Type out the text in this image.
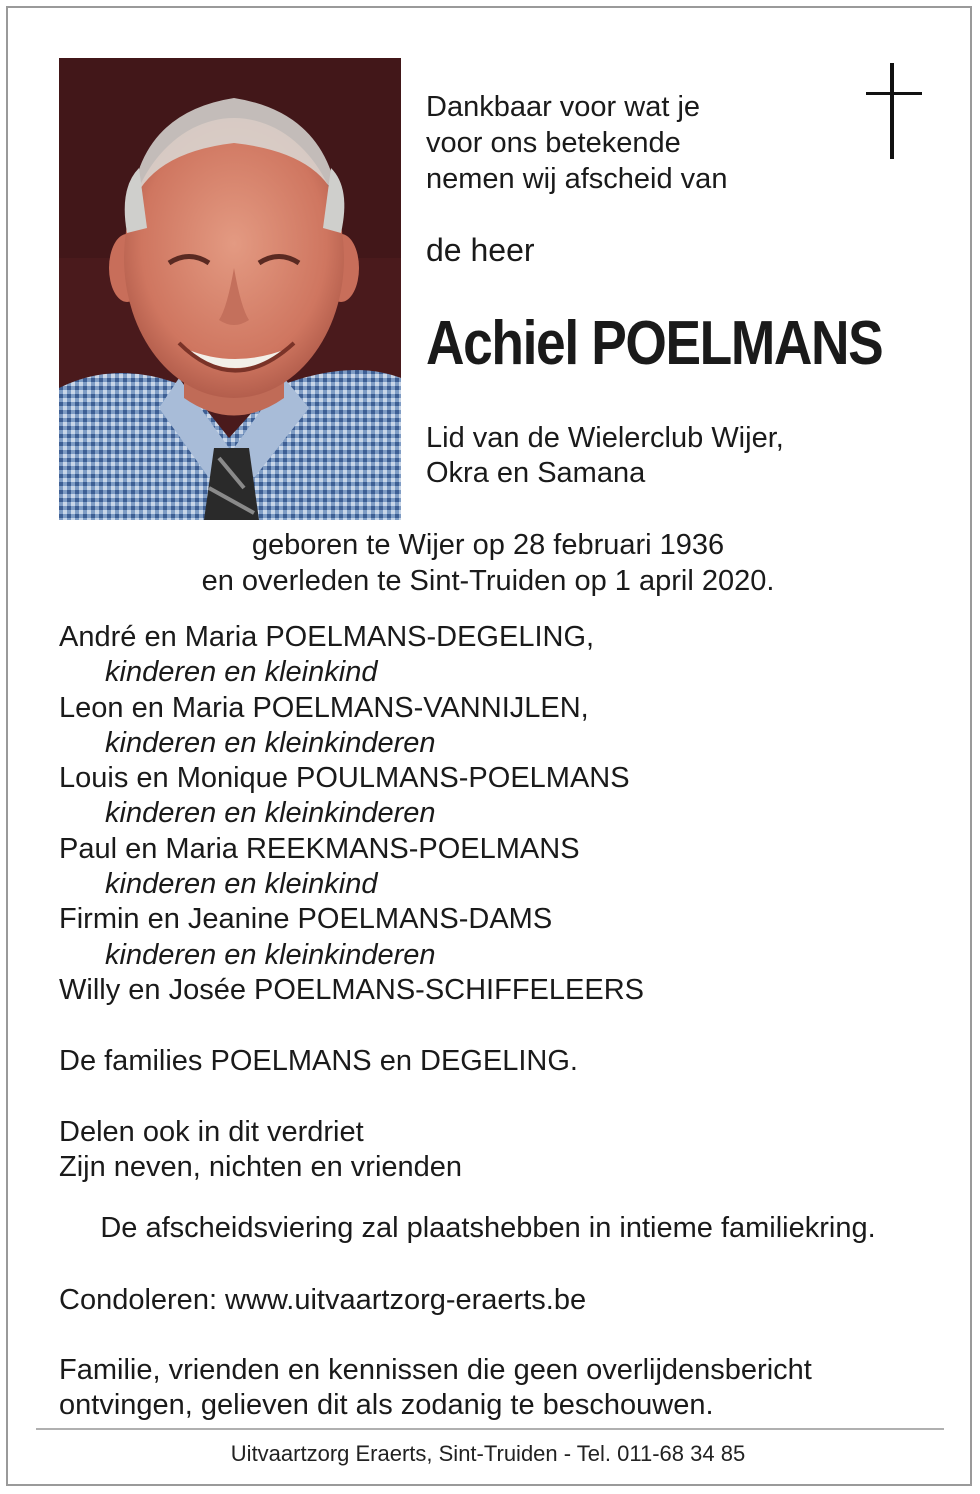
Dankbaar voor wat je

voor ons betekende

nemen wij afscheid van

de heer
Achiel POELMANS

Lid van de Wielerclub Wijer,

Okra en Samana

geboren te Wijer op 28 februari 1936

en overleden te Sint-Truiden op 1 april 2020.

André en Maria POELMANS-DEGELING,

kinderen en kleinkind

Leon en Maria POELMANS-VANNIJLEN,

kinderen en kleinkinderen

Louis en Monique POULMANS-POELMANS

kinderen en kleinkinderen

Paul en Maria REEKMANS-POELMANS

kinderen en kleinkind

Firmin en Jeanine POELMANS-DAMS

kinderen en kleinkinderen

Willy en Josée POELMANS-SCHIFFELEERS

De families POELMANS en DEGELING.

Delen ook in dit verdriet

Zijn neven, nichten en vrienden

De afscheidsviering zal plaatshebben in intieme familiekring.
Condoleren: www.uitvaartzorg-eraerts.be

Familie, vrienden en kennissen die geen overlijdensbericht

ontvingen, gelieven dit als zodanig te beschouwen.

Uitvaartzorg Eraerts, Sint-Truiden - Tel. 011-68 34 85
